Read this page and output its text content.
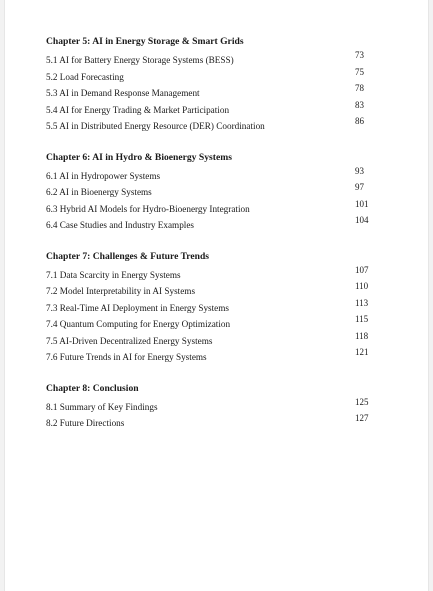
Chapter 5: AI in Energy Storage & Smart Grids
5.1 AI for Battery Energy Storage Systems (BESS)	73
5.2 Load Forecasting	75
5.3 AI in Demand Response Management	78
5.4 AI for Energy Trading & Market Participation	83
5.5 AI in Distributed Energy Resource (DER) Coordination	86
Chapter 6: AI in Hydro & Bioenergy Systems
6.1 AI in Hydropower Systems	93
6.2 AI in Bioenergy Systems	97
6.3 Hybrid AI Models for Hydro-Bioenergy Integration	101
6.4 Case Studies and Industry Examples	104
Chapter 7: Challenges & Future Trends
7.1 Data Scarcity in Energy Systems	107
7.2 Model Interpretability in AI Systems	110
7.3 Real-Time AI Deployment in Energy Systems	113
7.4 Quantum Computing for Energy Optimization	115
7.5 AI-Driven Decentralized Energy Systems	118
7.6 Future Trends in AI for Energy Systems	121
Chapter 8: Conclusion
8.1 Summary of Key Findings	125
8.2 Future Directions	127
